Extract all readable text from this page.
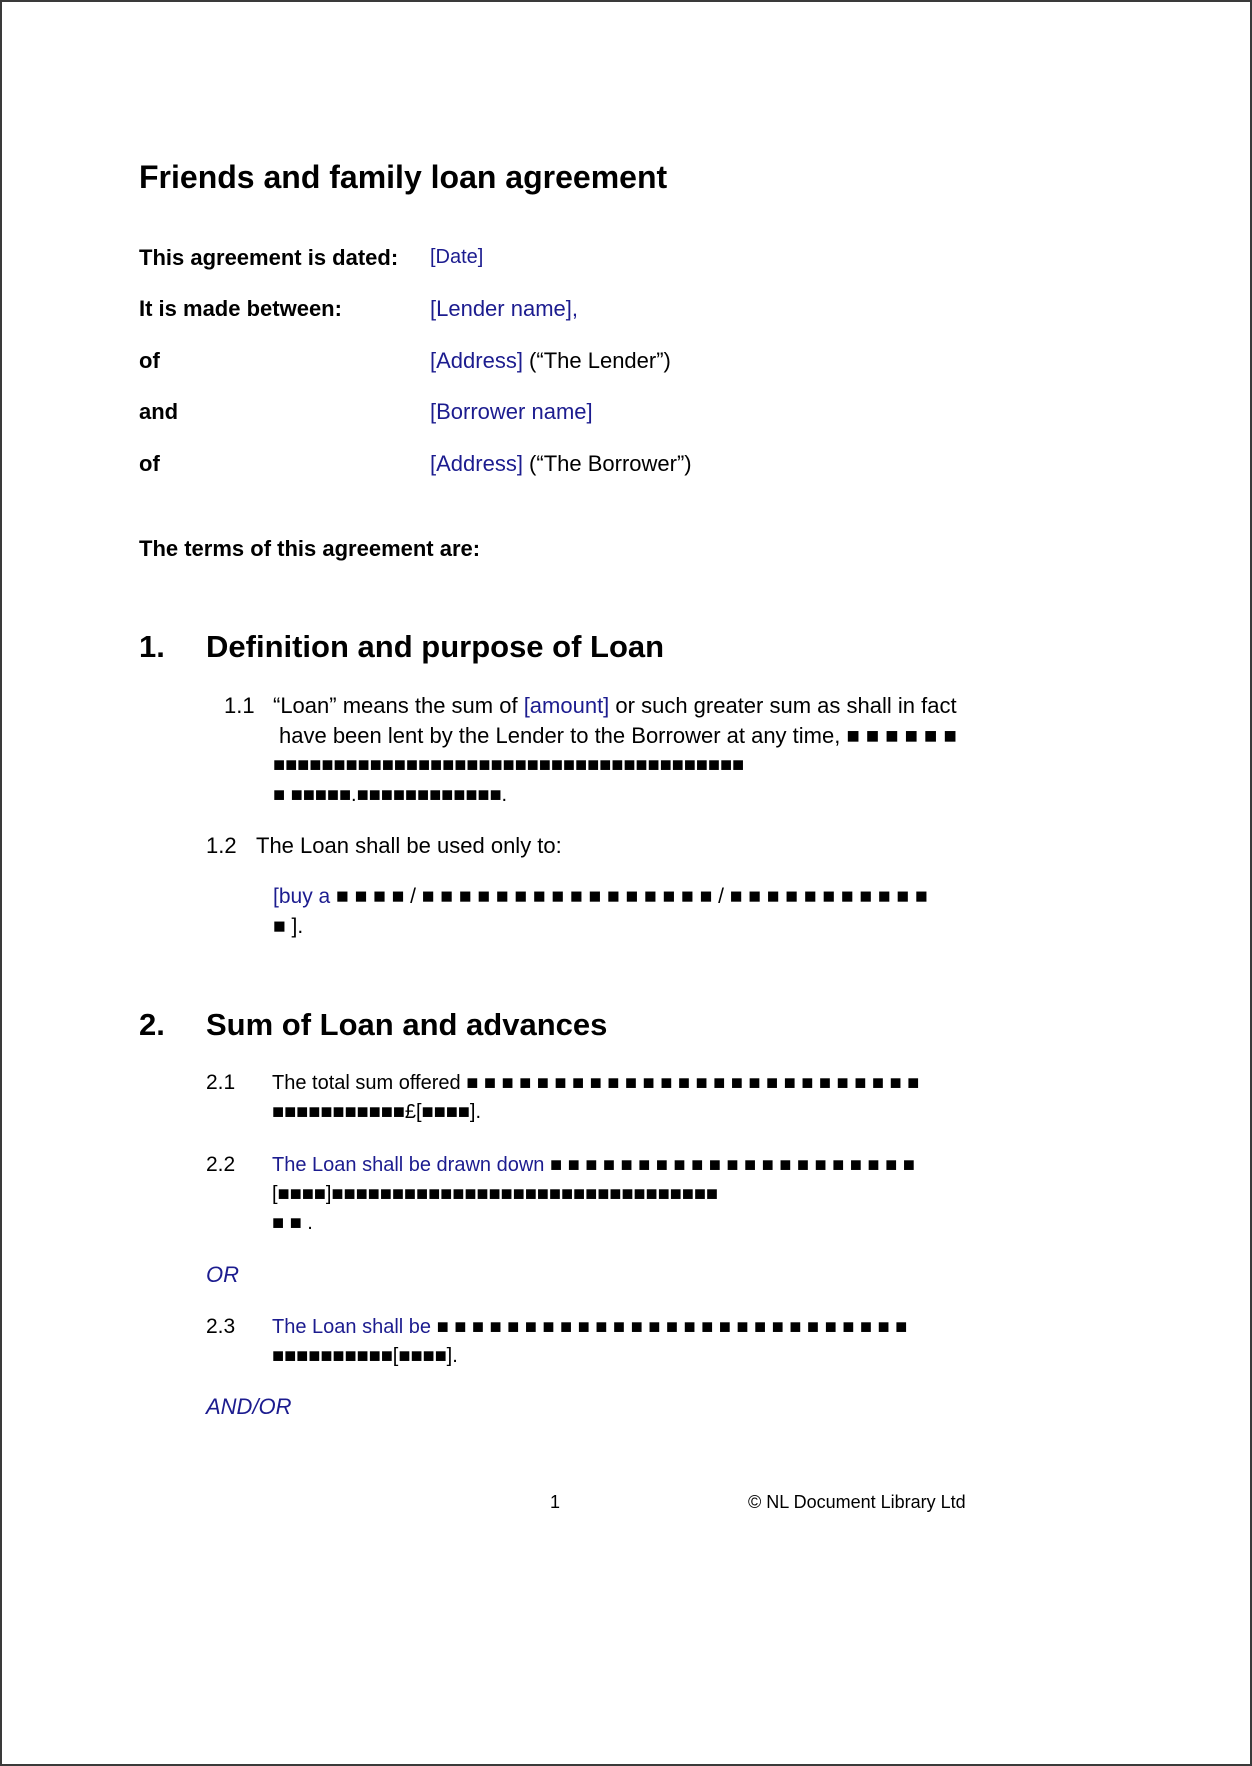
Friends and family loan agreement
This agreement is dated: [Date]
It is made between:	[Lender name],
of	[Address] (“The Lender”)
and	[Borrower name]
of	[Address] (“The Borrower”)
The terms of this agreement are:
1. Definition and purpose of Loan
1.1 “Loan” means the sum of [amount] or such greater sum as shall in fact
have been lent by the Lender to the Borrower at any time, ■ ■ ■ ■ ■ ■
■■■■■■■■■■■■■■■■■■■■■■■■■■■■■■■■■■■■■■■
■ ■■■■■.■■■■■■■■■■■■.
1.2 The Loan shall be used only to:
[buy a ■ ■ ■ ■ / ■ ■ ■ ■ ■ ■ ■ ■ ■ ■ ■ ■ ■ ■ ■ ■ / ■ ■ ■ ■ ■ ■ ■ ■ ■ ■ ■
■ ].
2. Sum of Loan and advances
2.1 The total sum offered ■ ■ ■ ■ ■ ■ ■ ■ ■ ■ ■ ■ ■ ■ ■ ■ ■ ■ ■ ■ ■ ■ ■ ■ ■ ■
■■■■■■■■■■■£[■■■■].
2.2 The Loan shall be drawn down ■ ■ ■ ■ ■ ■ ■ ■ ■ ■ ■ ■ ■ ■ ■ ■ ■ ■ ■ ■ ■
[■■■■]■■■■■■■■■■■■■■■■■■■■■■■■■■■■■■■■
■ ■ .
OR
2.3 The Loan shall be ■ ■ ■ ■ ■ ■ ■ ■ ■ ■ ■ ■ ■ ■ ■ ■ ■ ■ ■ ■ ■ ■ ■ ■ ■ ■ ■
■■■■■■■■■■[■■■■].
AND/OR
1	© NL Document Library Ltd
